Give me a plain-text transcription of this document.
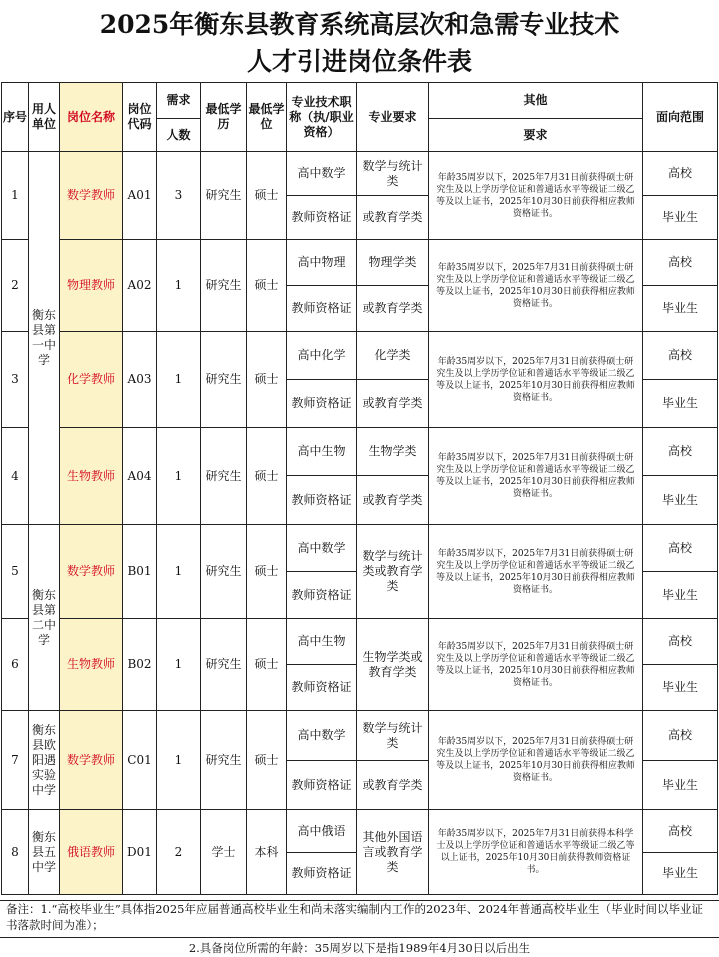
2025年衡东县教育系统高层次和急需专业技术
人才引进岗位条件表
序号	用人单位	岗位名称	岗位代码	需求	最低学历	最低学位	专业技术职称（执/职业资格）	专业要求	其他	面向范围
				人数					要求	
1	衡东县第一中学	数学教师	A01	3	研究生	硕士	高中数学	数学与统计类	年龄35周岁以下，2025年7月31日前获得硕士研究生及以上学历学位证和普通话水平等级证二级乙等及以上证书，2025年10月30日前获得相应教师资格证书。	高校
							教师资格证	或教育学类		毕业生
2		物理教师	A02	1	研究生	硕士	高中物理	物理学类	年龄35周岁以下，2025年7月31日前获得硕士研究生及以上学历学位证和普通话水平等级证二级乙等及以上证书，2025年10月30日前获得相应教师资格证书。	高校
							教师资格证	或教育学类		毕业生
3		化学教师	A03	1	研究生	硕士	高中化学	化学类	年龄35周岁以下，2025年7月31日前获得硕士研究生及以上学历学位证和普通话水平等级证二级乙等及以上证书，2025年10月30日前获得相应教师资格证书。	高校
							教师资格证	或教育学类		毕业生
4		生物教师	A04	1	研究生	硕士	高中生物	生物学类	年龄35周岁以下，2025年7月31日前获得硕士研究生及以上学历学位证和普通话水平等级证二级乙等及以上证书，2025年10月30日前获得相应教师资格证书。	高校
							教师资格证	或教育学类		毕业生
5	衡东县第二中学	数学教师	B01	1	研究生	硕士	高中数学	数学与统计类或教育学类	年龄35周岁以下，2025年7月31日前获得硕士研究生及以上学历学位证和普通话水平等级证二级乙等及以上证书，2025年10月30日前获得相应教师资格证书。	高校
							教师资格证			毕业生
6		生物教师	B02	1	研究生	硕士	高中生物	生物学类或教育学类	年龄35周岁以下，2025年7月31日前获得硕士研究生及以上学历学位证和普通话水平等级证二级乙等及以上证书，2025年10月30日前获得相应教师资格证书。	高校
							教师资格证			毕业生
7	衡东县欧阳遇实验中学	数学教师	C01	1	研究生	硕士	高中数学	数学与统计类	年龄35周岁以下，2025年7月31日前获得硕士研究生及以上学历学位证和普通话水平等级证二级乙等及以上证书，2025年10月30日前获得相应教师资格证书。	高校
							教师资格证	或教育学类		毕业生
8	衡东县五中学	俄语教师	D01	2	学士	本科	高中俄语	其他外国语言或教育学类	年龄35周岁以下，2025年7月31日前获得本科学士及以上学历学位证和普通话水平等级证二级乙等以上证书，2025年10月30日前获得教师资格证书。	高校
							教师资格证			毕业生
备注：1.“高校毕业生”具体指2025年应届普通高校毕业生和尚未落实编制内工作的2023年、2024年普通高校毕业生（毕业时间以毕业证书落款时间为准）；
2.具备岗位所需的年龄：35周岁以下是指1989年4月30日以后出生
